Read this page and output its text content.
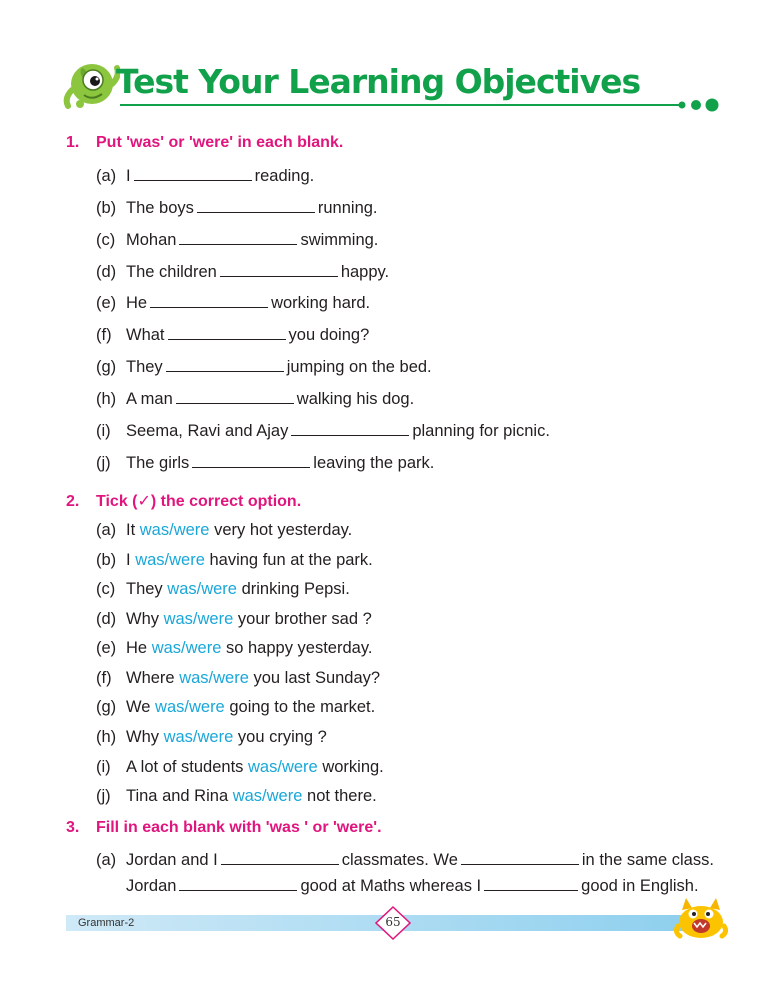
Test Your Learning Objectives
1. Put 'was' or 'were' in each blank.
(a) I	reading.
(b) The boys	running.
(c) Mohan	swimming.
(d) The children	happy.
(e) He	working hard.
(f) What	you doing?
(g) They	jumping on the bed.
(h) A man	walking his dog.
(i) Seema, Ravi and Ajay	planning for picnic.
(j) The girls	leaving the park.
2. Tick (✓) the correct option.
(a) It was/were very hot yesterday.
(b) I was/were having fun at the park.
(c) They was/were drinking Pepsi.
(d) Why was/were your brother sad ?
(e) He was/were so happy yesterday.
(f) Where was/were you last Sunday?
(g) We was/were going to the market.
(h) Why was/were you crying ?
(i) A lot of students was/were working.
(j) Tina and Rina was/were not there.
3. Fill in each blank with 'was ' or 'were'.
(a) Jordan and I	classmates. We	in the same class.
Jordan	good at Maths whereas I	good in English.
Grammar-2	65
